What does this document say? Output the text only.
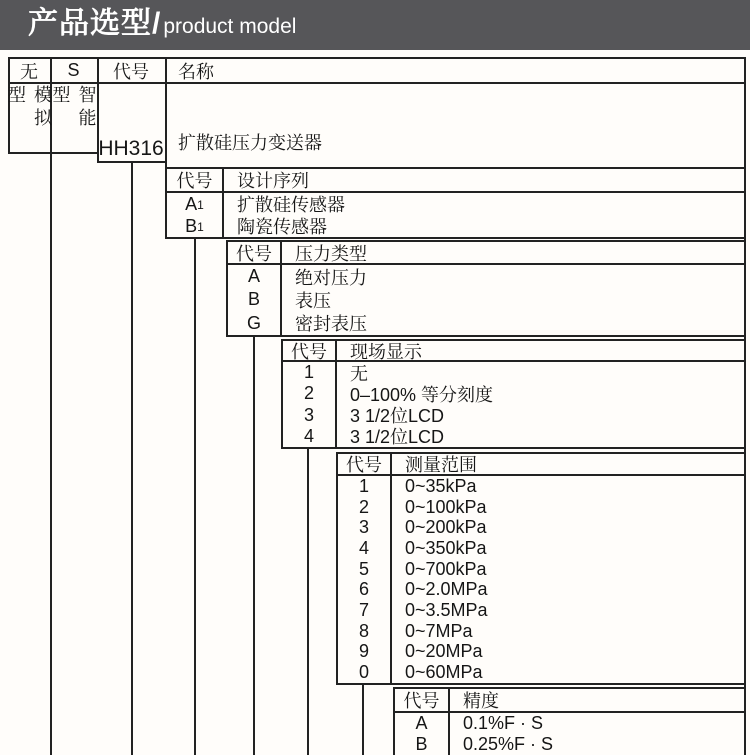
产品选型/ product model
无	S	代号	名称
模拟型	智能型
HH316 扩散硅压力变送器
代号	设计序列
A 1	扩散硅传感器
B 1	陶瓷传感器
代号	压力类型
A	绝对压力
B	表压
G	密封表压
代号	现场显示
1	无
2	0–100% 等分刻度
3	3 1/2位LCD
4	3 1/2位LCD
代号	测量范围
1	0~35kPa
2	0~100kPa
3	0~200kPa
4	0~350kPa
5	0~700kPa
6	0~2.0MPa
7	0~3.5MPa
8	0~7MPa
9	0~20MPa
0	0~60MPa
代号	精度
A	0.1%F · S
B	0.25%F · S
